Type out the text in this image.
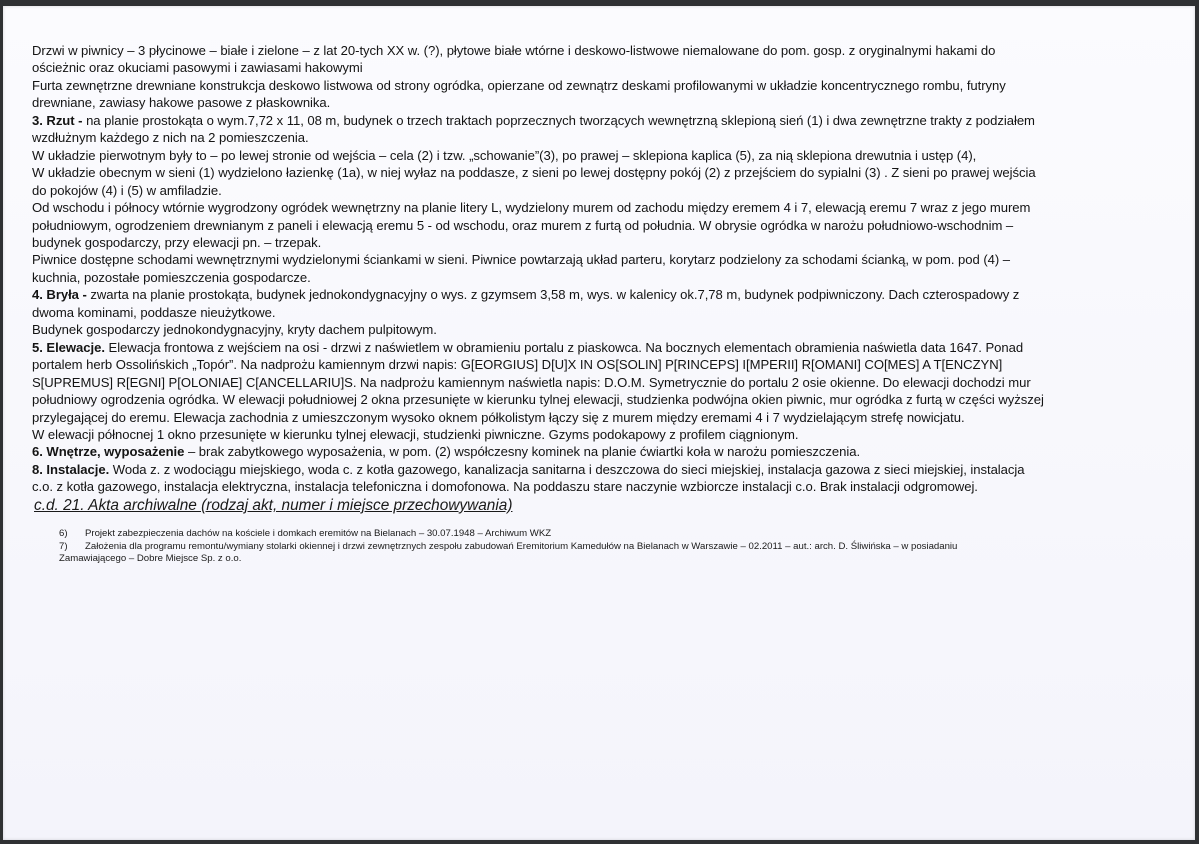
Drzwi w piwnicy – 3 płycinowe – białe i zielone – z lat 20-tych XX w. (?), płytowe białe wtórne i deskowo-listwowe niemalowane do pom. gosp. z oryginalnymi hakami do
ościeżnic oraz okuciami pasowymi i zawiasami hakowymi
Furta zewnętrzne drewniane konstrukcja deskowo listwowa od strony ogródka, opierzane od zewnątrz deskami profilowanymi w układzie koncentrycznego rombu, futryny
drewniane, zawiasy hakowe pasowe z płaskownika.
3. Rzut - na planie prostokąta o wym.7,72 x 11, 08 m, budynek o trzech traktach poprzecznych tworzących wewnętrzną sklepioną sień (1) i dwa zewnętrzne trakty z podziałem
wzdłużnym każdego z nich na 2 pomieszczenia.
W układzie pierwotnym były to – po lewej stronie od wejścia – cela (2) i tzw. „schowanie”(3), po prawej – sklepiona kaplica (5), za nią sklepiona drewutnia i ustęp (4),
W układzie obecnym w sieni (1) wydzielono łazienkę (1a), w niej wyłaz na poddasze, z sieni po lewej dostępny pokój (2) z przejściem do sypialni (3) . Z sieni po prawej wejścia
do pokojów (4) i (5) w amfiladzie.
Od wschodu i północy wtórnie wygrodzony ogródek wewnętrzny na planie litery L, wydzielony murem od zachodu między eremem 4 i 7, elewacją eremu 7 wraz z jego murem
południowym, ogrodzeniem drewnianym z paneli i elewacją eremu 5 - od wschodu, oraz murem z furtą od południa. W obrysie ogródka w narożu południowo-wschodnim –
budynek gospodarczy, przy elewacji pn. – trzepak.
Piwnice dostępne schodami wewnętrznymi wydzielonymi ściankami w sieni. Piwnice powtarzają układ parteru, korytarz podzielony za schodami ścianką, w pom. pod (4) –
kuchnia, pozostałe pomieszczenia gospodarcze.
4. Bryła - zwarta na planie prostokąta, budynek jednokondygnacyjny o wys. z gzymsem 3,58 m, wys. w kalenicy ok.7,78 m, budynek podpiwniczony. Dach czterospadowy z
dwoma kominami, poddasze nieużytkowe.
Budynek gospodarczy jednokondygnacyjny, kryty dachem pulpitowym.
5. Elewacje. Elewacja frontowa z wejściem na osi - drzwi z naświetlem w obramieniu portalu z piaskowca. Na bocznych elementach obramienia naświetla data 1647. Ponad
portalem herb Ossolińskich „Topór”. Na nadprożu kamiennym drzwi napis: G[EORGIUS] D[U]X IN OS[SOLIN] P[RINCEPS] I[MPERII] R[OMANI] CO[MES] A T[ENCZYN]
S[UPREMUS] R[EGNI] P[OLONIAE] C[ANCELLARIU]S. Na nadprożu kamiennym naświetla napis: D.O.M. Symetrycznie do portalu 2 osie okienne. Do elewacji dochodzi mur
południowy ogrodzenia ogródka. W elewacji południowej 2 okna przesunięte w kierunku tylnej elewacji, studzienka podwójna okien piwnic, mur ogródka z furtą w części wyższej
przylegającej do eremu. Elewacja zachodnia z umieszczonym wysoko oknem półkolistym łączy się z murem między eremami 4 i 7 wydzielającym strefę nowicjatu.
W elewacji północnej 1 okno przesunięte w kierunku tylnej elewacji, studzienki piwniczne. Gzyms podokapowy z profilem ciągnionym.
6. Wnętrze, wyposażenie – brak zabytkowego wyposażenia, w pom. (2) współczesny kominek na planie ćwiartki koła w narożu pomieszczenia.
8. Instalacje. Woda z. z wodociągu miejskiego, woda c. z kotła gazowego, kanalizacja sanitarna i deszczowa do sieci miejskiej, instalacja gazowa z sieci miejskiej, instalacja
c.o. z kotła gazowego, instalacja elektryczna, instalacja telefoniczna i domofonowa. Na poddaszu stare naczynie wzbiorcze instalacji c.o. Brak instalacji odgromowej.
c.d. 21. Akta archiwalne (rodzaj akt, numer i miejsce przechowywania)
6)	Projekt zabezpieczenia dachów na kościele i domkach eremitów na Bielanach – 30.07.1948 – Archiwum WKZ
7)	Założenia dla programu remontu/wymiany stolarki okiennej i drzwi zewnętrznych zespołu zabudowań Eremitorium Kamedułów na Bielanach w Warszawie – 02.2011 – aut.: arch. D. Śliwińska – w posiadaniu
Zamawiającego – Dobre Miejsce Sp. z o.o.
